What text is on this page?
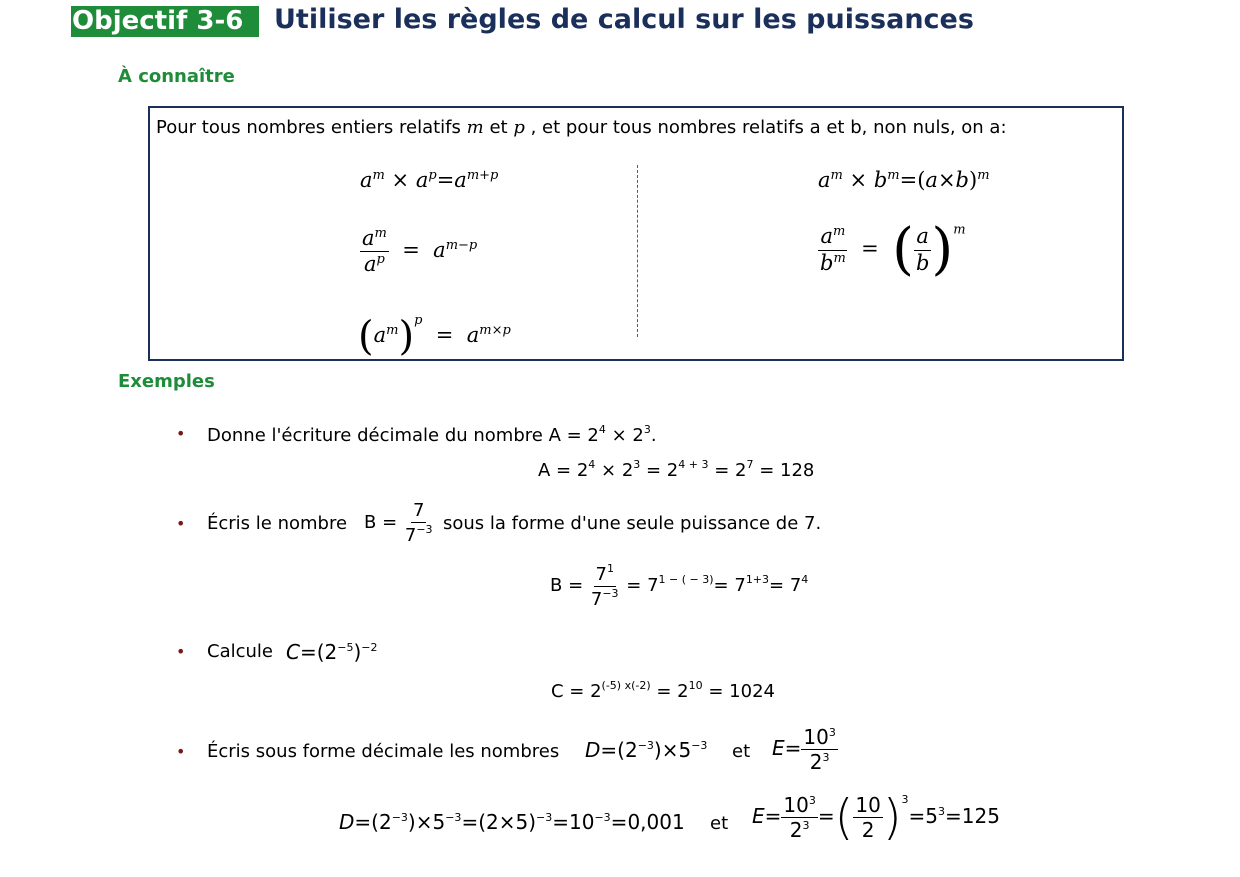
Objectif 3-6	Utiliser les règles de calcul sur les puissances
À connaître
Pour tous nombres entiers relatifs m et p , et pour tous nombres relatifs a et b, non nuls, on a:
$a^m \times a^p=a^{m+p}$
$\frac{a^m}{a^p} = a^{m-p}$
$(a^m)^p = a^{m\times p}$
$a^m \times b^m=(a\times b)^m$
$\frac{a^m}{b^m}$ =  ( $\frac{a}{b} )^m$
Exemples
• Donne l'écriture décimale du nombre $A = 2^4 \times 2^3$.
$A = 2^4 \times 2^3 = 2^{4 + 3} = 2^7 = 128$
• Écris le nombre $B = \frac{7}{7^{-3}}$ sous la forme d'une seule puissance de 7.
$B = \frac{7^1}{7^{-3}} = 7^{1 - ( - 3)}= 7^{1+3}= 7^4$
• Calcule $C=(2^{-5})^{-2}$
$C = 2^{(-5) x(-2)} = 2^{10} = 1024$
• Écris sous forme décimale les nombres $D=(2^{-3})\times 5^{-3}$ et $E= \frac{10^3}{2^3}$
$D=(2^{-3})\times 5^{-3}=(2\times 5)^{-3}=10^{-3}=0,001$ et $E= \frac{10^3}{2^3}$ =( $\frac{10}{2} )^3=5^3=125$
